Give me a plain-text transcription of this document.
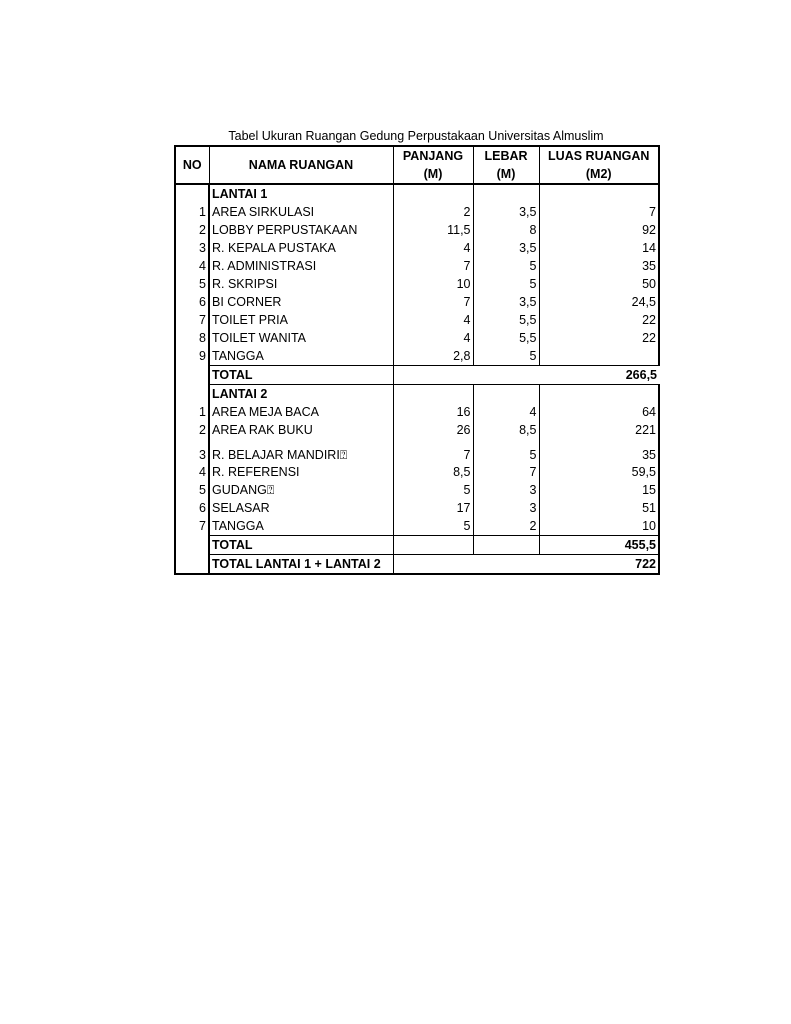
Tabel Ukuran Ruangan Gedung Perpustakaan Universitas Almuslim
NO	NAMA RUANGAN	PANJANG	LEBAR	LUAS RUANGAN
		(M)	(M)	(M2)
	LANTAI 1			
1	AREA SIRKULASI	2	3,5	7
2	LOBBY PERPUSTAKAAN	11,5	8	92
3	R. KEPALA PUSTAKA	4	3,5	14
4	R. ADMINISTRASI	7	5	35
5	R. SKRIPSI	10	5	50
6	BI CORNER	7	3,5	24,5
7	TOILET PRIA	4	5,5	22
8	TOILET WANITA	4	5,5	22
9	TANGGA	2,8	5	
	TOTAL	266,5		
	LANTAI 2			
1	AREA MEJA BACA	16	4	64
2	AREA RAK BUKU	26	8,5	221
3	R. BELAJAR MANDIRI⍰	7	5	35
4	R. REFERENSI	8,5	7	59,5
5	GUDANG⍰	5	3	15
6	SELASAR	17	3	51
7	TANGGA	5	2	10
	TOTAL			455,5
	TOTAL LANTAI 1 + LANTAI 2	722		
